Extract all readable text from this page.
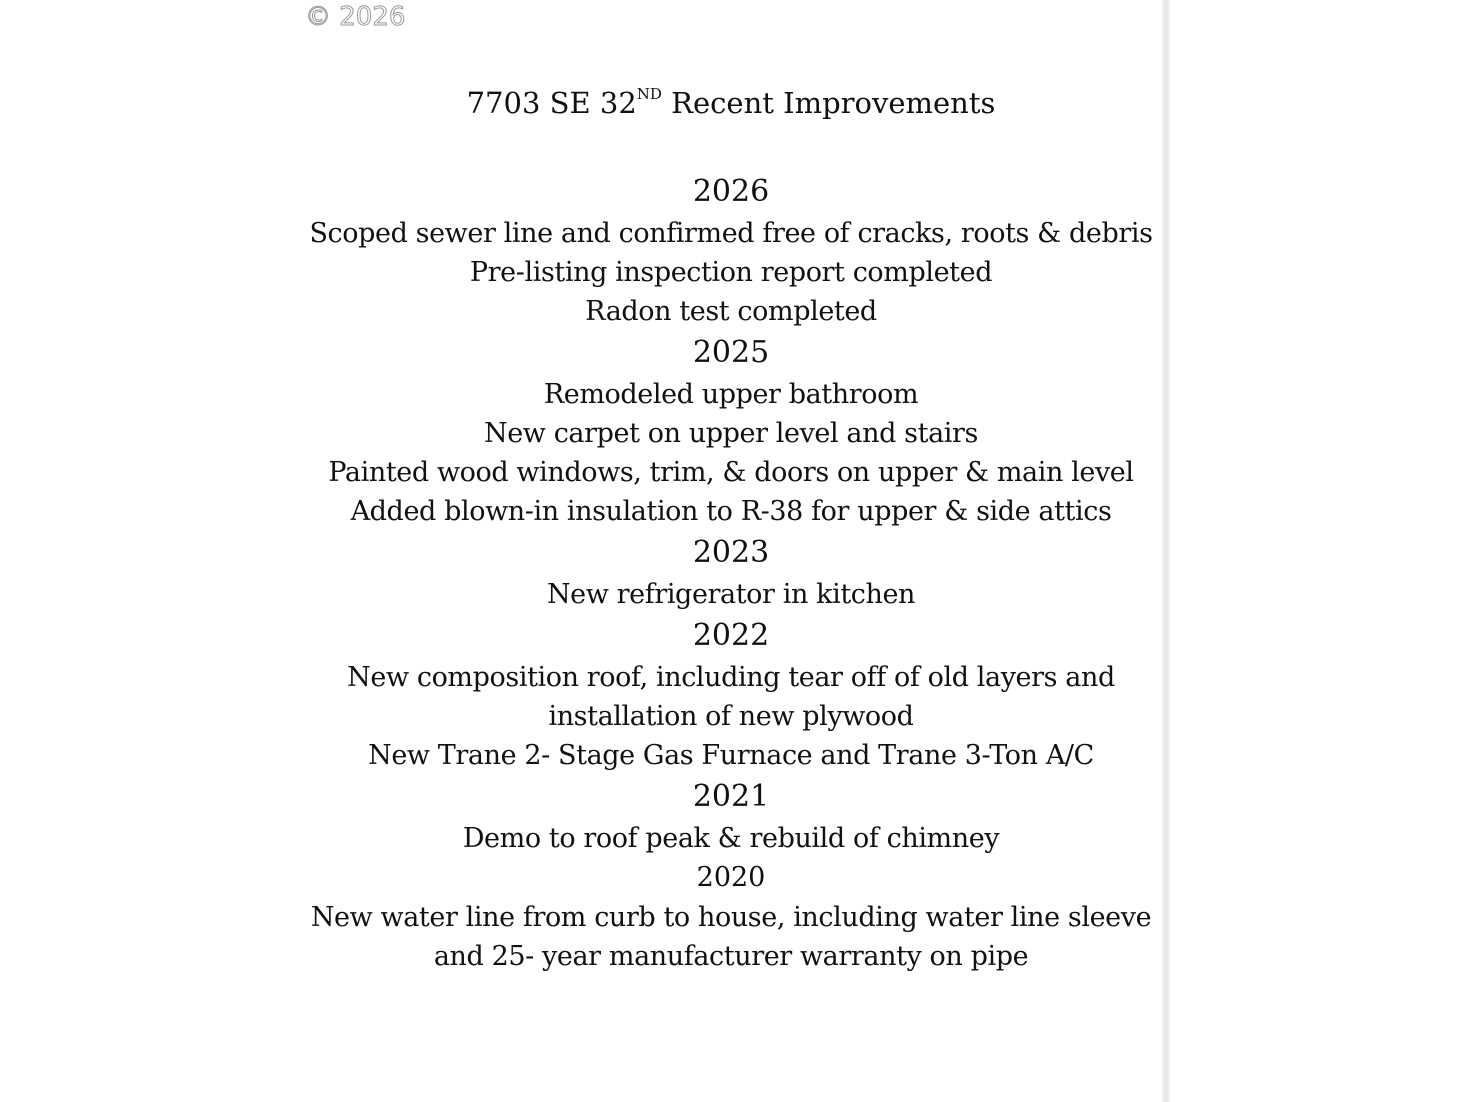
© 2026
7703 SE 32ND Recent Improvements
2026
Scoped sewer line and confirmed free of cracks, roots & debris
Pre-listing inspection report completed
Radon test completed
2025
Remodeled upper bathroom
New carpet on upper level and stairs
Painted wood windows, trim, & doors on upper & main level
Added blown-in insulation to R-38 for upper & side attics
2023
New refrigerator in kitchen
2022
New composition roof, including tear off of old layers and
installation of new plywood
New Trane 2- Stage Gas Furnace and Trane 3-Ton A/C
2021
Demo to roof peak & rebuild of chimney
2020
New water line from curb to house, including water line sleeve
and 25- year manufacturer warranty on pipe
